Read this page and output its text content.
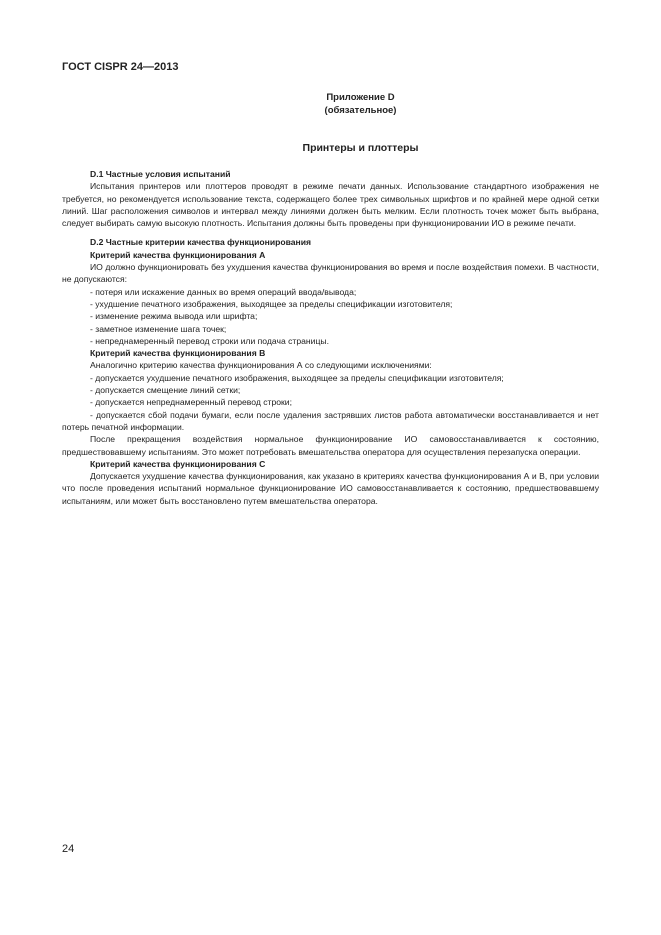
ГОСТ CISPR 24—2013
Приложение D
(обязательное)
Принтеры и плоттеры

D.1 Частные условия испытаний

Испытания принтеров или плоттеров проводят в режиме печати данных. Использование стандартного изображения не требуется, но рекомендуется использование текста, содержащего более трех символьных шрифтов и по крайней мере одной сетки линий. Шаг расположения символов и интервал между линиями должен быть мелким. Если плотность точек может быть выбрана, следует выбирать самую высокую плотность. Испытания должны быть проведены при функционировании ИО в режиме печати.

D.2 Частные критерии качества функционирования

Критерий качества функционирования А

ИО должно функционировать без ухудшения качества функционирования во время и после воздействия помехи. В частности, не допускаются:

- потеря или искажение данных во время операций ввода/вывода;

- ухудшение печатного изображения, выходящее за пределы спецификации изготовителя;

- изменение режима вывода или шрифта;

- заметное изменение шага точек;

- непреднамеренный перевод строки или подача страницы.

Критерий качества функционирования В

Аналогично критерию качества функционирования А со следующими исключениями:

- допускается ухудшение печатного изображения, выходящее за пределы спецификации изготовителя;

- допускается смещение линий сетки;

- допускается непреднамеренный перевод строки;

- допускается сбой подачи бумаги, если после удаления застрявших листов работа автоматически восстанавливается и нет потерь печатной информации.

После прекращения воздействия нормальное функционирование ИО самовосстанавливается к состоянию, предшествовавшему испытаниям. Это может потребовать вмешательства оператора для осуществления перезапуска операции.

Критерий качества функционирования С

Допускается ухудшение качества функционирования, как указано в критериях качества функционирования А и В, при условии что после проведения испытаний нормальное функционирование ИО самовосстанавливается к состоянию, предшествовавшему испытаниям, или может быть восстановлено путем вмешательства оператора.

24
